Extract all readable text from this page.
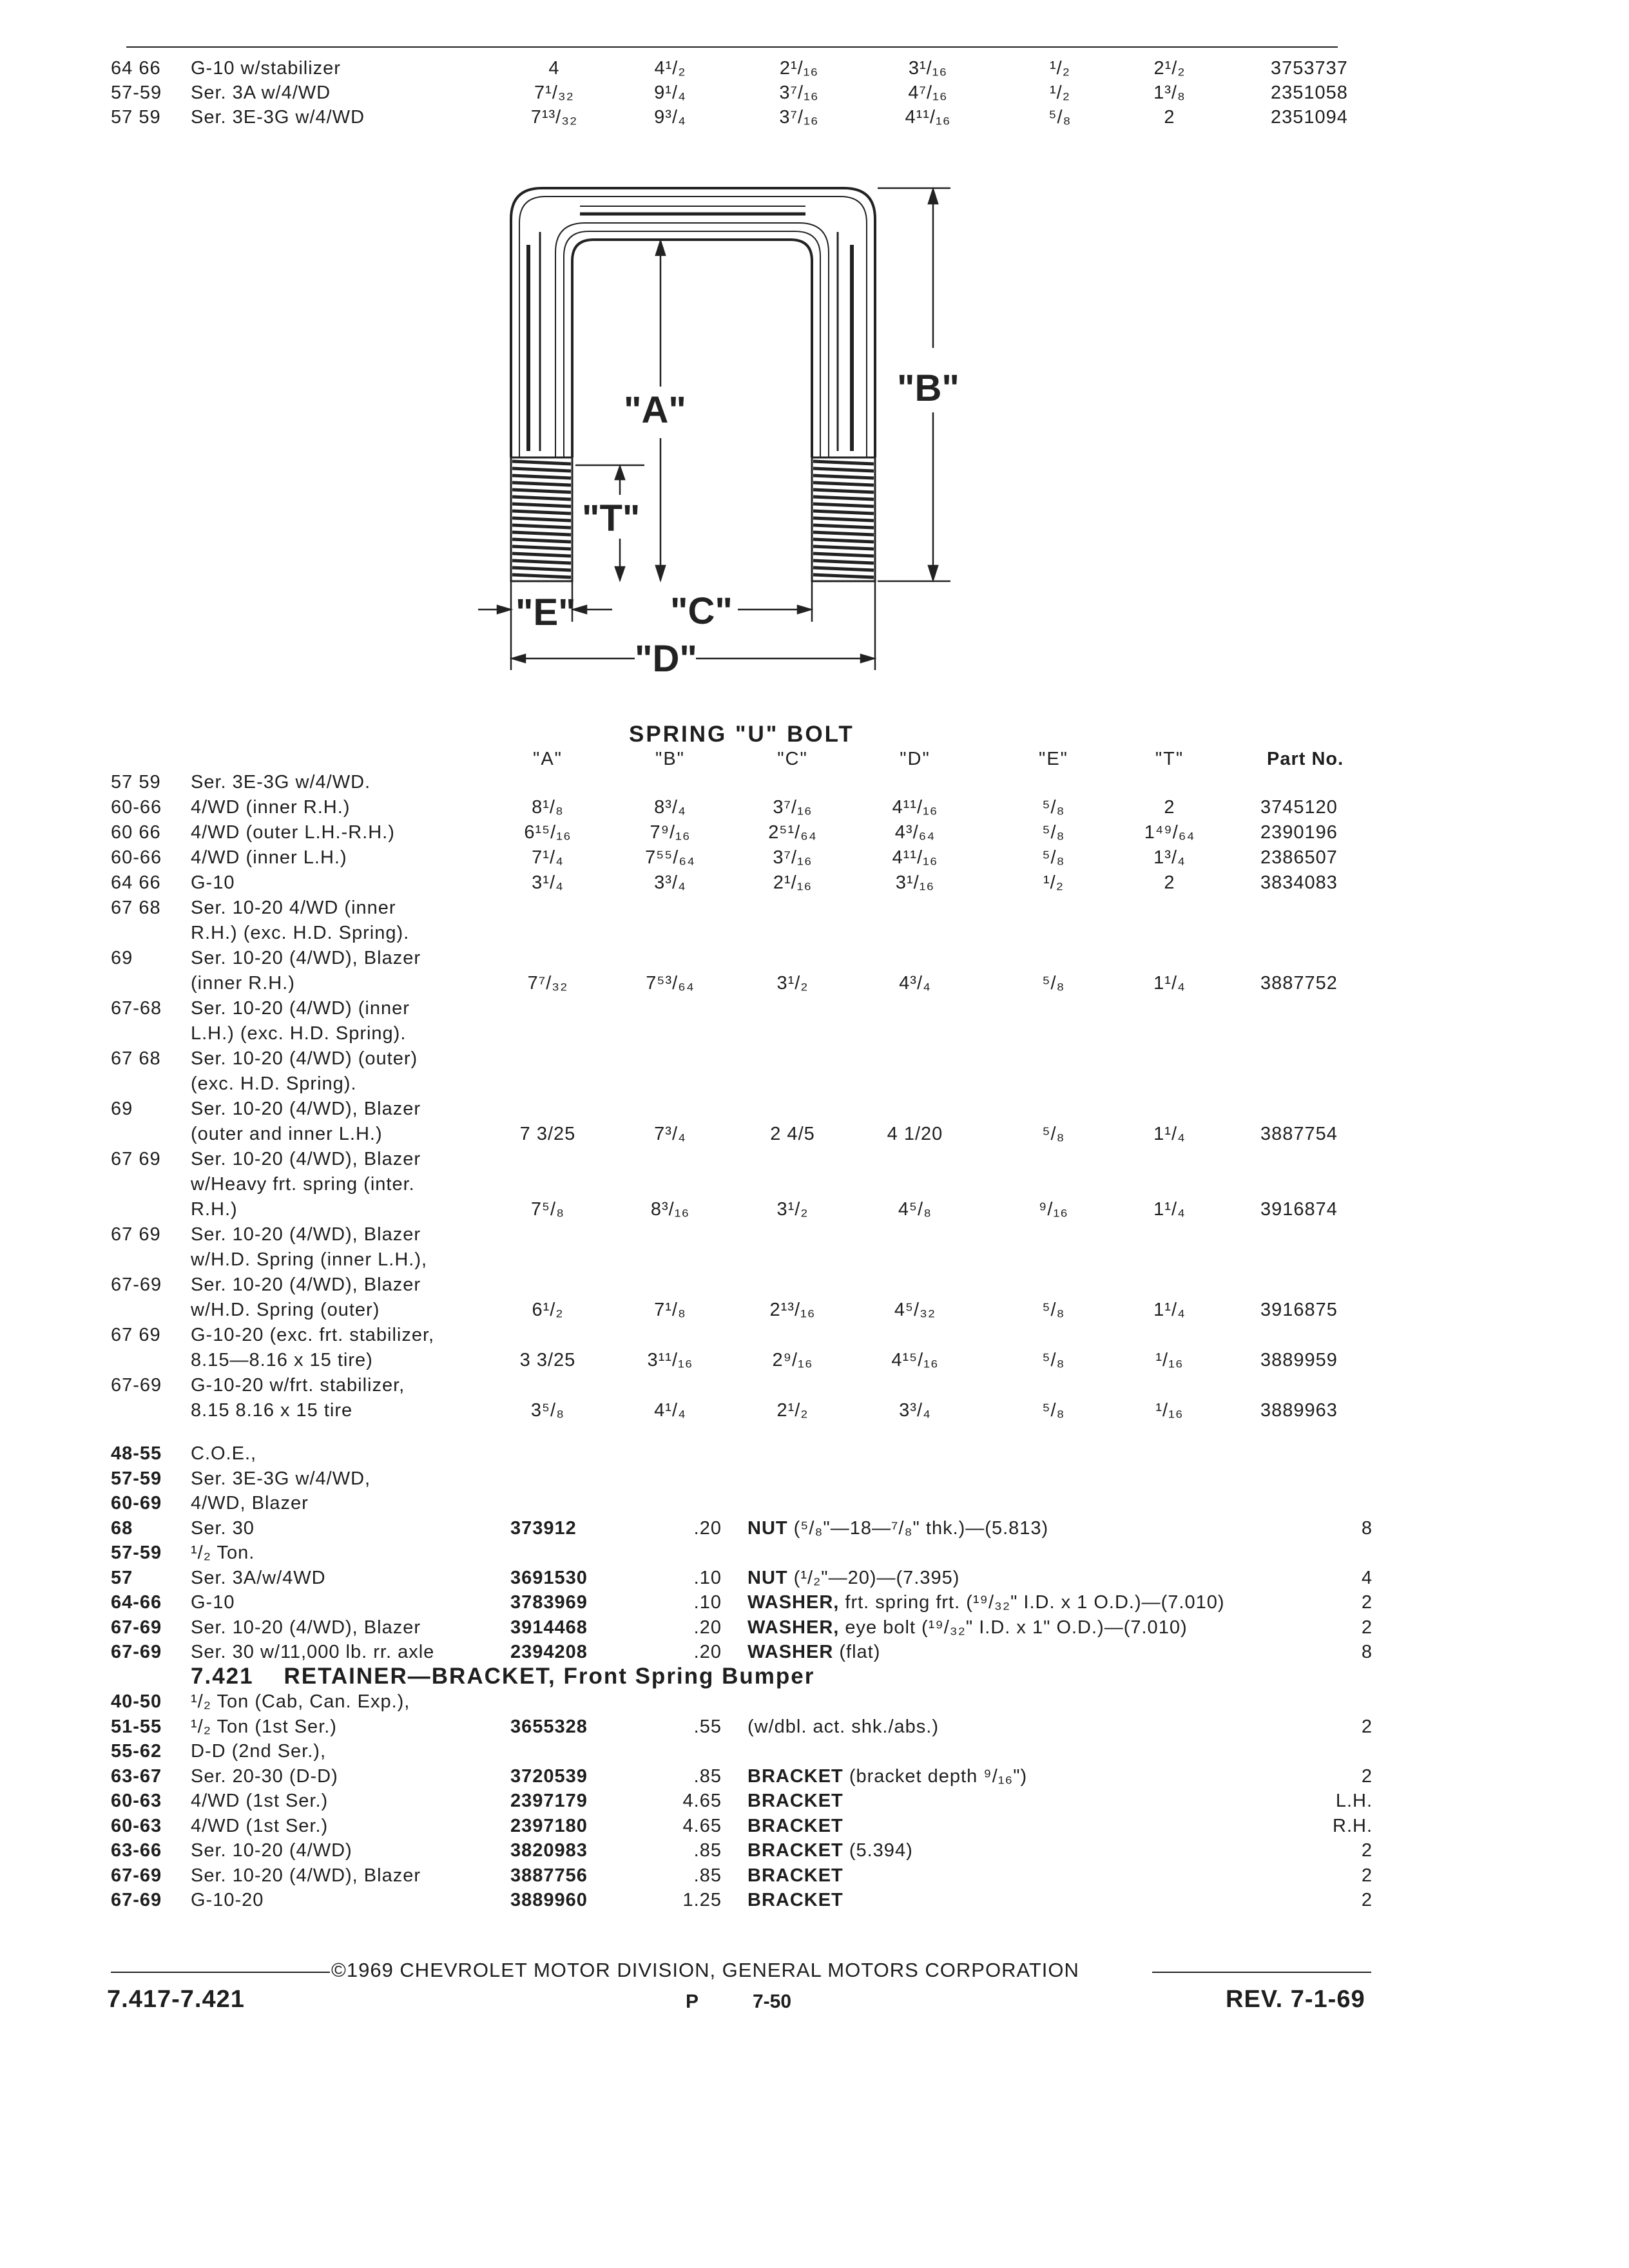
64 66 G-10 w/stabilizer	4	4¹/₂	2¹/₁₆	3¹/₁₆	¹/₂	2¹/₂	3753737
57-59 Ser. 3A w/4/WD	7¹/₃₂	9¹/₄	3⁷/₁₆	4⁷/₁₆	¹/₂	1³/₈	2351058
57 59 Ser. 3E-3G w/4/WD	7¹³/₃₂	9³/₄	3⁷/₁₆	4¹¹/₁₆	⁵/₈	2	2351094
"A"
"B"
"T"
"C"
"D"
"E"
SPRING "U" BOLT
"A"	"B"	"C"	"D"	"E"	"T"	Part No.
57 59 Ser. 3E-3G w/4/WD.
60-66 4/WD (inner R.H.)	8¹/₈	8³/₄	3⁷/₁₆	4¹¹/₁₆	⁵/₈	2	3745120
60 66 4/WD (outer L.H.-R.H.)	6¹⁵/₁₆	7⁹/₁₆	2⁵¹/₆₄	4³/₆₄	⁵/₈	1⁴⁹/₆₄	2390196
60-66 4/WD (inner L.H.)	7¹/₄	7⁵⁵/₆₄	3⁷/₁₆	4¹¹/₁₆	⁵/₈	1³/₄	2386507
64 66 G-10	3¹/₄	3³/₄	2¹/₁₆	3¹/₁₆	¹/₂	2	3834083
67 68 Ser. 10-20 4/WD (inner
R.H.) (exc. H.D. Spring).
69	Ser. 10-20 (4/WD), Blazer
(inner R.H.)	7⁷/₃₂	7⁵³/₆₄	3¹/₂	4³/₄	⁵/₈	1¹/₄	3887752
67-68 Ser. 10-20 (4/WD) (inner
L.H.) (exc. H.D. Spring).
67 68 Ser. 10-20 (4/WD) (outer)
(exc. H.D. Spring).
69	Ser. 10-20 (4/WD), Blazer
(outer and inner L.H.)	7 3/25	7³/₄	2 4/5	4 1/20	⁵/₈	1¹/₄	3887754
67 69 Ser. 10-20 (4/WD), Blazer
w/Heavy frt. spring (inter.
R.H.)	7⁵/₈	8³/₁₆	3¹/₂	4⁵/₈	⁹/₁₆	1¹/₄	3916874
67 69 Ser. 10-20 (4/WD), Blazer
w/H.D. Spring (inner L.H.),
67-69 Ser. 10-20 (4/WD), Blazer
w/H.D. Spring (outer)	6¹/₂	7¹/₈	2¹³/₁₆	4⁵/₃₂	⁵/₈	1¹/₄	3916875
67 69 G-10-20 (exc. frt. stabilizer,
8.15—8.16 x 15 tire)	3 3/25	3¹¹/₁₆	2⁹/₁₆	4¹⁵/₁₆	⁵/₈	¹/₁₆	3889959
67-69 G-10-20 w/frt. stabilizer,
8.15 8.16 x 15 tire	3⁵/₈	4¹/₄	2¹/₂	3³/₄	⁵/₈	¹/₁₆	3889963
48-55 C.O.E.,
57-59 Ser. 3E-3G w/4/WD,
60-69 4/WD, Blazer
68	Ser. 30	373912	.20 NUT (⁵/₈"—18—⁷/₈" thk.)—(5.813)	8
57-59 ¹/₂ Ton.
57	Ser. 3A/w/4WD	3691530	.10 NUT (¹/₂"—20)—(7.395)	4
64-66 G-10	3783969	.10 WASHER, frt. spring frt. (¹⁹/₃₂" I.D. x 1 O.D.)—(7.010)	2
67-69 Ser. 10-20 (4/WD), Blazer	3914468	.20 WASHER, eye bolt (¹⁹/₃₂" I.D. x 1" O.D.)—(7.010)	2
67-69 Ser. 30 w/11,000 lb. rr. axle	2394208	.20 WASHER (flat)	8
7.421    RETAINER—BRACKET, Front Spring Bumper
40-50 ¹/₂ Ton (Cab, Can. Exp.),
51-55 ¹/₂ Ton (1st Ser.)	3655328	.55 (w/dbl. act. shk./abs.)	2
55-62 D-D (2nd Ser.),
63-67 Ser. 20-30 (D-D)	3720539	.85 BRACKET (bracket depth ⁹/₁₆")	2
60-63 4/WD (1st Ser.)	2397179	4.65 BRACKET	L.H.
60-63 4/WD (1st Ser.)	2397180	4.65 BRACKET	R.H.
63-66 Ser. 10-20 (4/WD)	3820983	.85 BRACKET (5.394)	2
67-69 Ser. 10-20 (4/WD), Blazer	3887756	.85 BRACKET	2
67-69 G-10-20	3889960	1.25 BRACKET	2
©1969 CHEVROLET MOTOR DIVISION, GENERAL MOTORS CORPORATION
7.417-7.421	P	7-50	REV. 7-1-69
